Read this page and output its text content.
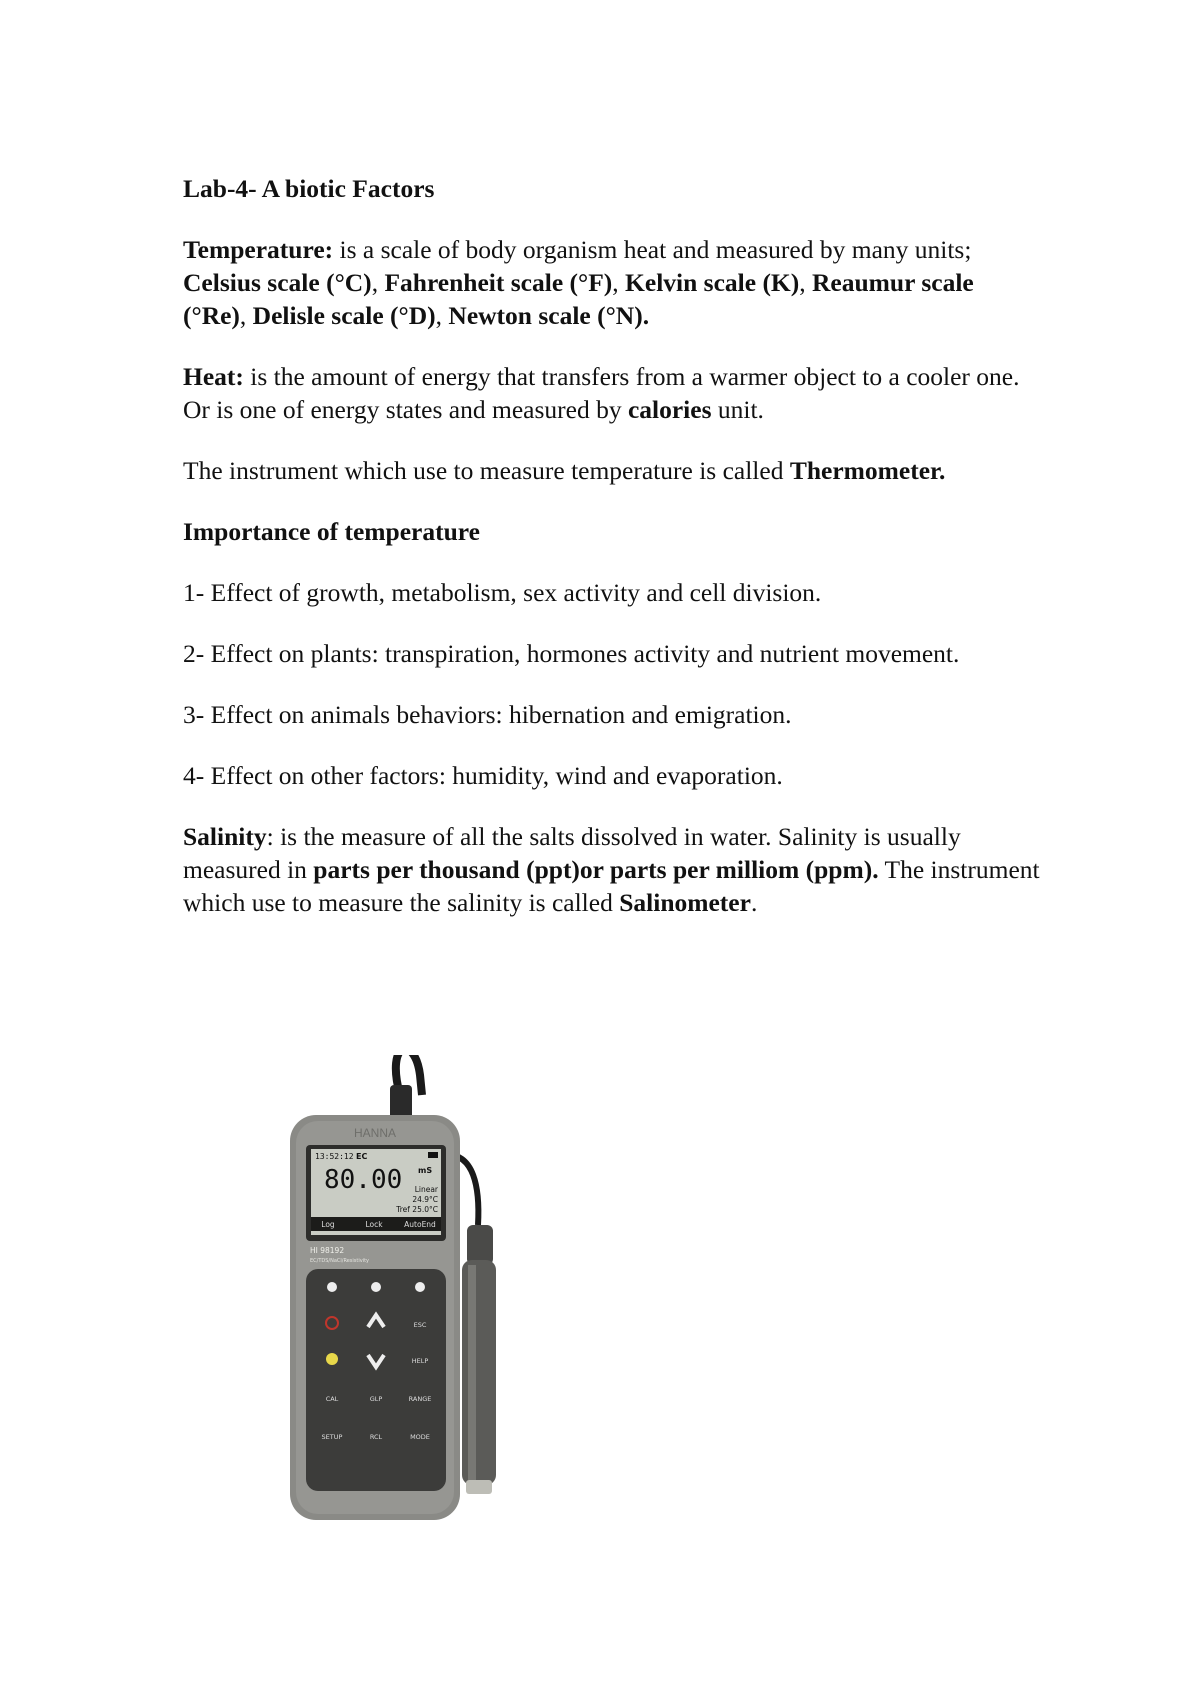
Lab-4- A biotic Factors

Temperature: is a scale of body organism heat and measured by many units; Celsius scale (°C), Fahrenheit scale (°F), Kelvin scale (K), Reaumur scale (°Re), Delisle scale (°D), Newton scale (°N).

Heat: is the amount of energy that transfers from a warmer object to a cooler one. Or is one of energy states and measured by calories unit.

The instrument which use to measure temperature is called Thermometer.

Importance of temperature

1- Effect of growth, metabolism, sex activity and cell division.

2- Effect on plants: transpiration, hormones activity and nutrient movement.

3- Effect on animals behaviors: hibernation and emigration.

4- Effect on other factors: humidity, wind and evaporation.

Salinity: is the measure of all the salts dissolved in water. Salinity is usually measured in parts per thousand (ppt)or parts per milliom (ppm). The instrument which use to measure the salinity is called Salinometer.

HANNA
13:52:12 EC
80.00 mS
Linear
24.9°C
Tref 25.0°C
Log	Lock	AutoEnd
HI 98192
EC/TDS/NaCl/Resistivity
ESC
HELP
CAL	GLP	RANGE
SETUP	RCL	MODE
